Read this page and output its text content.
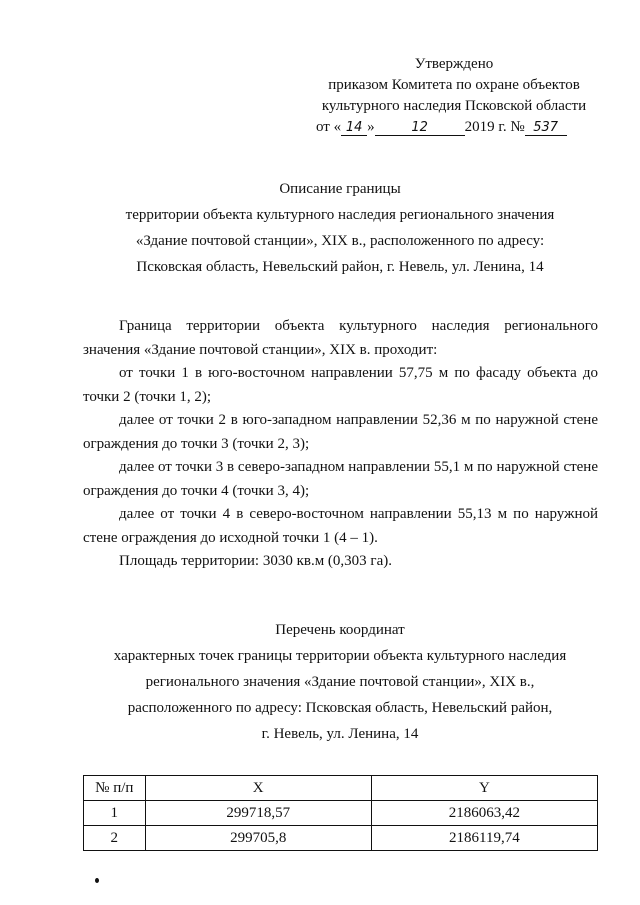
Утверждено
приказом Комитета по охране объектов
культурного наследия Псковской области
от « 14 »	12 2019 г. № 537
Описание границы
территории объекта культурного наследия регионального значения
«Здание почтовой станции», XIX в., расположенного по адресу:
Псковская область, Невельский район, г. Невель, ул. Ленина, 14

Граница территории объекта культурного наследия регионального значения «Здание почтовой станции», XIX в. проходит:

от точки 1 в юго-восточном направлении 57,75 м по фасаду объекта до точки 2 (точки 1, 2);

далее от точки 2 в юго-западном направлении 52,36 м по наружной стене ограждения до точки 3 (точки 2, 3);

далее от точки 3 в северо-западном направлении 55,1 м по наружной стене ограждения до точки 4 (точки 3, 4);

далее от точки 4 в северо-восточном направлении 55,13 м по наружной стене ограждения до исходной точки 1 (4 – 1).

Площадь территории: 3030 кв.м (0,303 га).

Перечень координат
характерных точек границы территории объекта культурного наследия
регионального значения «Здание почтовой станции», XIX в.,
расположенного по адресу: Псковская область, Невельский район,
г. Невель, ул. Ленина, 14
№ п/п	X	Y
1	299718,57	2186063,42
2	299705,8	2186119,74
